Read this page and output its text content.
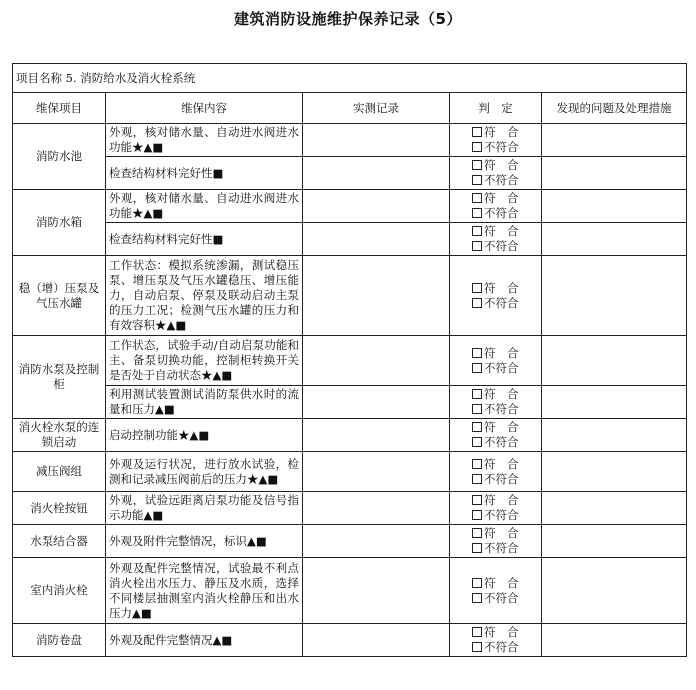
建筑消防设施维护保养记录（5）
项目名称 5. 消防给水及消火栓系统				
维保项目	维保内容	实测记录	判　定	发现的问题及处理措施
消防水池	外观，核对储水量、自动进水阀进水功能★▲■		符　合
不符合	

	检查结构材料完好性■		符　合
不符合	

消防水箱	外观，核对储水量、自动进水阀进水功能★▲■		符　合
不符合	

	检查结构材料完好性■		符　合
不符合	

稳（增）压泵及气压水罐	工作状态：模拟系统渗漏，测试稳压泵、增压泵及气压水罐稳压、增压能力，自动启泵、停泵及联动启动主泵的压力工况；检测气压水罐的压力和有效容积★▲■		符　合
不符合	

消防水泵及控制柜	工作状态，试验手动/自动启泵功能和主、备泵切换功能，控制柜转换开关是否处于自动状态★▲■		符　合
不符合	

	利用测试装置测试消防泵供水时的流量和压力▲■		符　合
不符合	

消火栓水泵的连锁启动	启动控制功能★▲■		符　合
不符合	

减压阀组	外观及运行状况，进行放水试验，检测和记录减压阀前后的压力★▲■		符　合
不符合	

消火栓按钮	外观，试验远距离启泵功能及信号指示功能▲■		符　合
不符合	

水泵结合器	外观及附件完整情况，标识▲■		符　合
不符合	

室内消火栓	外观及配件完整情况，试验最不利点消火栓出水压力、静压及水质，选择不同楼层抽测室内消火栓静压和出水压力▲■		符　合
不符合	

消防卷盘	外观及配件完整情况▲■		符　合
不符合	
